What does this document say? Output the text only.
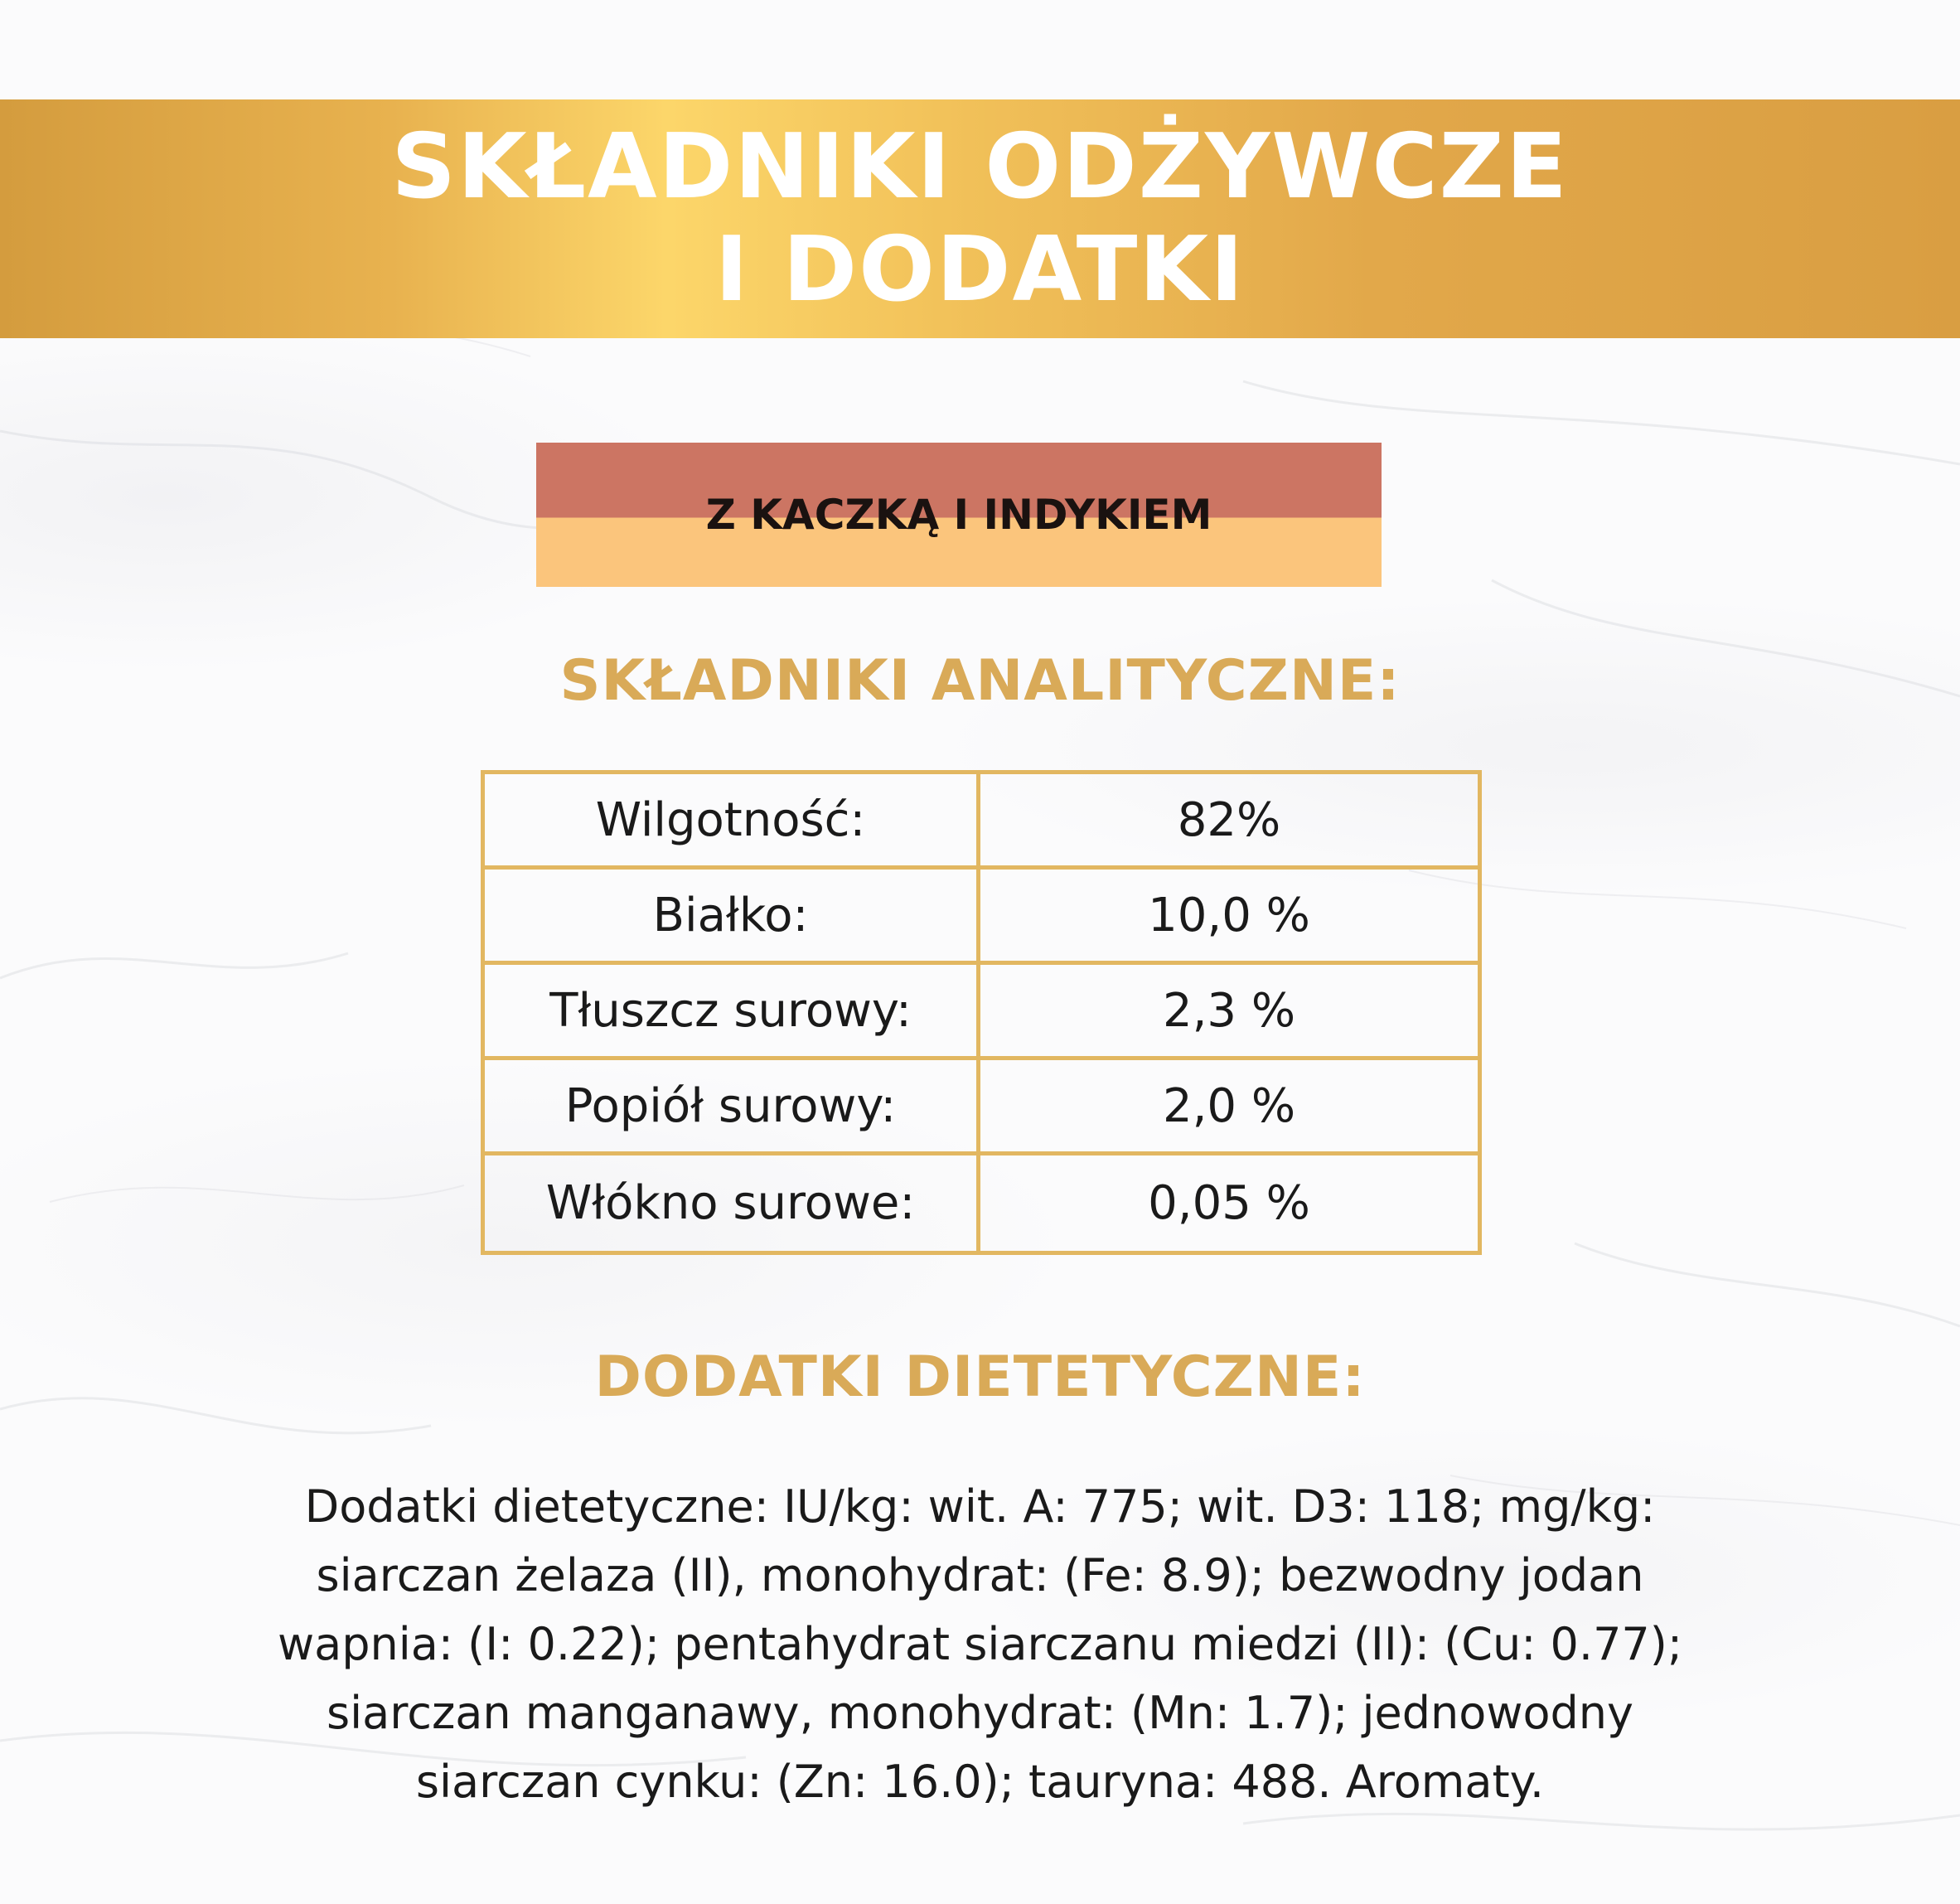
SKŁADNIKI ODŻYWCZE
I DODATKI
Z KACZKĄ I INDYKIEM
SKŁADNIKI ANALITYCZNE:
Wilgotność:	82%
Białko:	10,0 %
Tłuszcz surowy:	2,3 %
Popiół surowy:	2,0 %
Włókno surowe:	0,05 %
DODATKI DIETETYCZNE:
Dodatki dietetyczne: IU/kg: wit. A: 775; wit. D3: 118; mg/kg:
siarczan żelaza (II), monohydrat: (Fe: 8.9); bezwodny jodan
wapnia: (I: 0.22); pentahydrat siarczanu miedzi (II): (Cu: 0.77);
siarczan manganawy, monohydrat: (Mn: 1.7); jednowodny
siarczan cynku: (Zn: 16.0); tauryna: 488. Aromaty.
